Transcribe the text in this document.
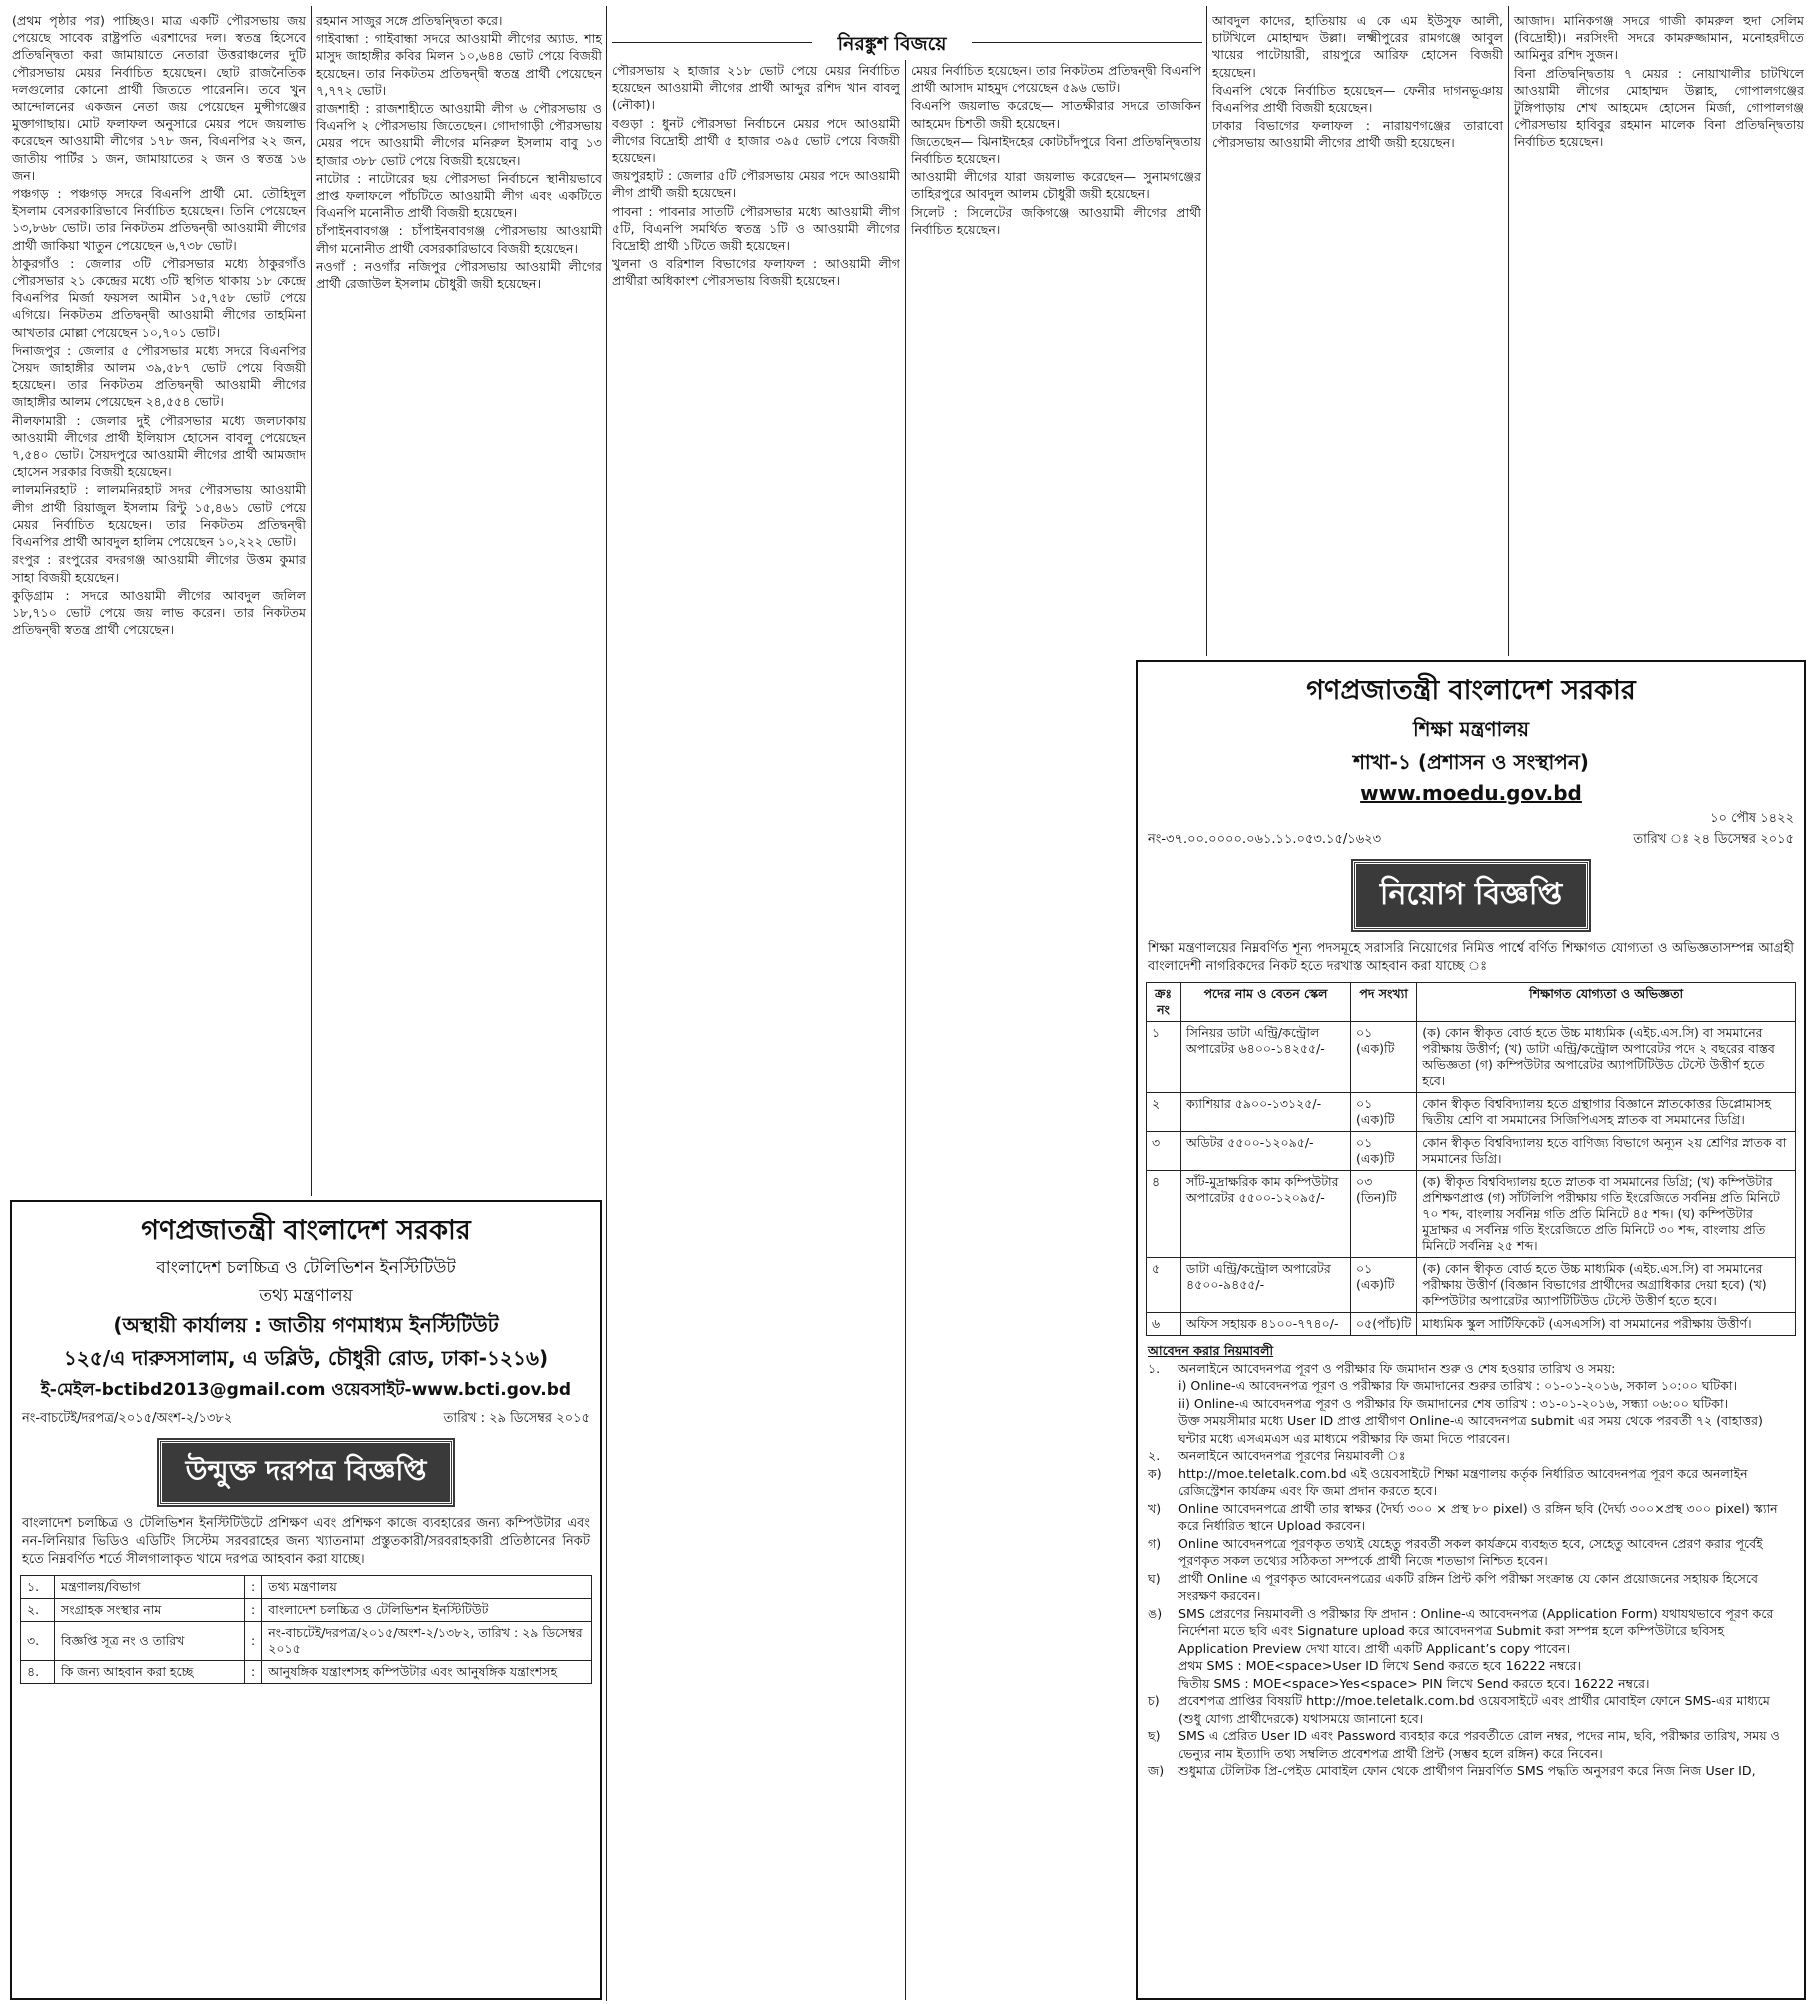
নিরঙ্কুশ বিজয়ে

(প্রথম পৃষ্ঠার পর) পাচ্ছিও। মাত্র একটি পৌরসভায় জয় পেয়েছে সাবেক রাষ্ট্রপতি এরশাদের দল। স্বতন্ত্র হিসেবে প্রতিদ্বন্দ্বিতা করা জামায়াতে নেতারা উত্তরাঞ্চলের দুটি পৌরসভায় মেয়র নির্বাচিত হয়েছেন। ছোট রাজনৈতিক দলগুলোর কোনো প্রার্থী জিততে পারেননি। তবে খুন আন্দোলনের একজন নেতা জয় পেয়েছেন মুন্সীগঞ্জের মুক্তাগাছায়। মোট ফলাফল অনুসারে মেয়র পদে জয়লাভ করেছেন আওয়ামী লীগের ১৭৮ জন, বিএনপির ২২ জন, জাতীয় পার্টির ১ জন, জামায়াতের ২ জন ও স্বতন্ত্র ১৬ জন।

পঞ্চগড় : পঞ্চগড় সদরে বিএনপি প্রার্থী মো. তৌহিদুল ইসলাম বেসরকারিভাবে নির্বাচিত হয়েছেন। তিনি পেয়েছেন ১৩,৮৬৮ ভোট। তার নিকটতম প্রতিদ্বন্দ্বী আওয়ামী লীগের প্রার্থী জাকিয়া খাতুন পেয়েছেন ৬,৭৩৮ ভোট।

ঠাকুরগাঁও : জেলার ৩টি পৌরসভার মধ্যে ঠাকুরগাঁও পৌরসভার ২১ কেন্দ্রের মধ্যে ৩টি স্থগিত থাকায় ১৮ কেন্দ্রে বিএনপির মির্জা ফয়সল আমীন ১৫,৭৫৮ ভোট পেয়ে এগিয়ে। নিকটতম প্রতিদ্বন্দ্বী আওয়ামী লীগের তাহমিনা আখতার মোল্লা পেয়েছেন ১০,৭০১ ভোট।

দিনাজপুর : জেলার ৫ পৌরসভার মধ্যে সদরে বিএনপির সৈয়দ জাহাঙ্গীর আলম ৩৯,৫৮৭ ভোট পেয়ে বিজয়ী হয়েছেন। তার নিকটতম প্রতিদ্বন্দ্বী আওয়ামী লীগের জাহাঙ্গীর আলম পেয়েছেন ২৪,৫৫৪ ভোট।

নীলফামারী : জেলার দুই পৌরসভার মধ্যে জলঢাকায় আওয়ামী লীগের প্রার্থী ইলিয়াস হোসেন বাবলু পেয়েছেন ৭,৫৪০ ভোট। সৈয়দপুরে আওয়ামী লীগের প্রার্থী আমজাদ হোসেন সরকার বিজয়ী হয়েছেন।

লালমনিরহাট : লালমনিরহাট সদর পৌরসভায় আওয়ামী লীগ প্রার্থী রিয়াজুল ইসলাম রিন্টু ১৫,৪৬১ ভোট পেয়ে মেয়র নির্বাচিত হয়েছেন। তার নিকটতম প্রতিদ্বন্দ্বী বিএনপির প্রার্থী আবদুল হালিম পেয়েছেন ১০,২২২ ভোট।

রংপুর : রংপুরের বদরগঞ্জ আওয়ামী লীগের উত্তম কুমার সাহা বিজয়ী হয়েছেন।

কুড়িগ্রাম : সদরে আওয়ামী লীগের আবদুল জলিল ১৮,৭১০ ভোট পেয়ে জয় লাভ করেন। তার নিকটতম প্রতিদ্বন্দ্বী স্বতন্ত্র প্রার্থী পেয়েছেন।

রহমান সাজুর সঙ্গে প্রতিদ্বন্দ্বিতা করে।

গাইবান্ধা : গাইবান্ধা সদরে আওয়ামী লীগের অ্যাড. শাহ মাসুদ জাহাঙ্গীর কবির মিলন ১০,৬৪৪ ভোট পেয়ে বিজয়ী হয়েছেন। তার নিকটতম প্রতিদ্বন্দ্বী স্বতন্ত্র প্রার্থী পেয়েছেন ৭,৭৭২ ভোট।

রাজশাহী : রাজশাহীতে আওয়ামী লীগ ৬ পৌরসভায় ও বিএনপি ২ পৌরসভায় জিতেছেন। গোদাগাড়ী পৌরসভায় মেয়র পদে আওয়ামী লীগের মনিরুল ইসলাম বাবু ১৩ হাজার ৩৮৮ ভোট পেয়ে বিজয়ী হয়েছেন।

নাটোর : নাটোরের ছয় পৌরসভা নির্বাচনে স্থানীয়ভাবে প্রাপ্ত ফলাফলে পাঁচটিতে আওয়ামী লীগ এবং একটিতে বিএনপি মনোনীত প্রার্থী বিজয়ী হয়েছেন।

চাঁপাইনবাবগঞ্জ : চাঁপাইনবাবগঞ্জ পৌরসভায় আওয়ামী লীগ মনোনীত প্রার্থী বেসরকারিভাবে বিজয়ী হয়েছেন।

নওগাঁ : নওগাঁর নজিপুর পৌরসভায় আওয়ামী লীগের প্রার্থী রেজাউল ইসলাম চৌধুরী জয়ী হয়েছেন।

পৌরসভায় ২ হাজার ২১৮ ভোট পেয়ে মেয়র নির্বাচিত হয়েছেন আওয়ামী লীগের প্রার্থী আব্দুর রশিদ খান বাবলু (নৌকা)।

বগুড়া : ধুনট পৌরসভা নির্বাচনে মেয়র পদে আওয়ামী লীগের বিদ্রোহী প্রার্থী ৫ হাজার ৩৯৫ ভোট পেয়ে বিজয়ী হয়েছেন।

জয়পুরহাট : জেলার ৫টি পৌরসভায় মেয়র পদে আওয়ামী লীগ প্রার্থী জয়ী হয়েছেন।

পাবনা : পাবনার সাতটি পৌরসভার মধ্যে আওয়ামী লীগ ৫টি, বিএনপি সমর্থিত স্বতন্ত্র ১টি ও আওয়ামী লীগের বিদ্রোহী প্রার্থী ১টিতে জয়ী হয়েছেন।

খুলনা ও বরিশাল বিভাগের ফলাফল : আওয়ামী লীগ প্রার্থীরা অধিকাংশ পৌরসভায় বিজয়ী হয়েছেন।

মেয়র নির্বাচিত হয়েছেন। তার নিকটতম প্রতিদ্বন্দ্বী বিএনপি প্রার্থী আসাদ মাহমুদ পেয়েছেন ৫৯৬ ভোট।

বিএনপি জয়লাভ করেছে— সাতক্ষীরার সদরে তাজকিন আহমেদ চিশতী জয়ী হয়েছেন।

জিতেছেন— ঝিনাইদহের কোটচাঁদপুরে বিনা প্রতিদ্বন্দ্বিতায় নির্বাচিত হয়েছেন।

আওয়ামী লীগের যারা জয়লাভ করেছেন— সুনামগঞ্জের তাহিরপুরে আবদুল আলম চৌধুরী জয়ী হয়েছেন।

সিলেট : সিলেটের জকিগঞ্জে আওয়ামী লীগের প্রার্থী নির্বাচিত হয়েছেন।

আবদুল কাদের, হাতিয়ায় এ কে এম ইউসুফ আলী, চাটখিলে মোহাম্মদ উল্লা। লক্ষ্মীপুরের রামগঞ্জে আবুল খায়ের পাটোয়ারী, রায়পুরে আরিফ হোসেন বিজয়ী হয়েছেন।

বিএনপি থেকে নির্বাচিত হয়েছেন— ফেনীর দাগনভূঞায় বিএনপির প্রার্থী বিজয়ী হয়েছেন।

ঢাকার বিভাগের ফলাফল : নারায়ণগঞ্জের তারাবো পৌরসভায় আওয়ামী লীগের প্রার্থী জয়ী হয়েছেন।

আজাদ। মানিকগঞ্জ সদরে গাজী কামরুল হুদা সেলিম (বিদ্রোহী)। নরসিংদী সদরে কামরুজ্জামান, মনোহরদীতে আমিনুর রশিদ সুজন।

বিনা প্রতিদ্বন্দ্বিতায় ৭ মেয়র : নোয়াখালীর চাটখিলে আওয়ামী লীগের মোহাম্মদ উল্লাহ, গোপালগঞ্জের টুঙ্গিপাড়ায় শেখ আহমেদ হোসেন মির্জা, গোপালগঞ্জ পৌরসভায় হাবিবুর রহমান মালেক বিনা প্রতিদ্বন্দ্বিতায় নির্বাচিত হয়েছেন।

গণপ্রজাতন্ত্রী বাংলাদেশ সরকার
শিক্ষা মন্ত্রণালয়
শাখা-১ (প্রশাসন ও সংস্থাপন)
www.moedu.gov.bd
১০ পৌষ ১৪২২
নং-৩৭.০০.০০০০.০৬১.১১.০৫৩.১৫/১৬২৩	তারিখ ঃ ২৪ ডিসেম্বর ২০১৫
নিয়োগ বিজ্ঞপ্তি
শিক্ষা মন্ত্রণালয়ের নিম্নবর্ণিত শূন্য পদসমূহে সরাসরি নিয়োগের নিমিত্ত পার্শ্বে বর্ণিত শিক্ষাগত যোগ্যতা ও অভিজ্ঞতাসম্পন্ন আগ্রহী বাংলাদেশী নাগরিকদের নিকট হতে দরখাস্ত আহবান করা যাচ্ছে ঃ
ক্রঃ নং	পদের নাম ও বেতন স্কেল	পদ সংখ্যা	শিক্ষাগত যোগ্যতা ও অভিজ্ঞতা
১	সিনিয়র ডাটা এন্ট্রি/কন্ট্রোল অপারেটর ৬৪০০-১৪২৫৫/-	০১ (এক)টি	(ক) কোন স্বীকৃত বোর্ড হতে উচ্চ মাধ্যমিক (এইচ.এস.সি) বা সমমানের পরীক্ষায় উত্তীর্ণ; (খ) ডাটা এন্ট্রি/কন্ট্রোল অপারেটর পদে ২ বছরের বাস্তব অভিজ্ঞতা (গ) কম্পিউটার অপারেটর অ্যাপটিটিউড টেস্টে উত্তীর্ণ হতে হবে।
২	ক্যাশিয়ার ৫৯০০-১৩১২৫/-	০১ (এক)টি	কোন স্বীকৃত বিশ্ববিদ্যালয় হতে গ্রন্থাগার বিজ্ঞানে স্নাতকোত্তর ডিপ্লোমাসহ দ্বিতীয় শ্রেণি বা সমমানের সিজিপিএসহ স্নাতক বা সমমানের ডিগ্রি।
৩	অডিটর ৫৫০০-১২০৯৫/-	০১ (এক)টি	কোন স্বীকৃত বিশ্ববিদ্যালয় হতে বাণিজ্য বিভাগে অন্যূন ২য় শ্রেণির স্নাতক বা সমমানের ডিগ্রি।
৪	সাঁট-মুদ্রাক্ষরিক কাম কম্পিউটার অপারেটর ৫৫০০-১২০৯৫/-	০৩ (তিন)টি	(ক) স্বীকৃত বিশ্ববিদ্যালয় হতে স্নাতক বা সমমানের ডিগ্রি; (খ) কম্পিউটার প্রশিক্ষণপ্রাপ্ত (গ) সাঁটলিপি পরীক্ষায় গতি ইংরেজিতে সর্বনিম্ন প্রতি মিনিটে ৭০ শব্দ, বাংলায় সর্বনিম্ন গতি প্রতি মিনিটে ৪৫ শব্দ। (ঘ) কম্পিউটার মুদ্রাক্ষর এ সর্বনিম্ন গতি ইংরেজিতে প্রতি মিনিটে ৩০ শব্দ, বাংলায় প্রতি মিনিটে সর্বনিম্ন ২৫ শব্দ।
৫	ডাটা এন্ট্রি/কন্ট্রোল অপারেটর ৪৫০০-৯৪৫৫/-	০১ (এক)টি	(ক) কোন স্বীকৃত বোর্ড হতে উচ্চ মাধ্যমিক (এইচ.এস.সি) বা সমমানের পরীক্ষায় উত্তীর্ণ (বিজ্ঞান বিভাগের প্রার্থীদের অগ্রাধিকার দেয়া হবে) (খ) কম্পিউটার অপারেটর অ্যাপটিটিউড টেস্টে উত্তীর্ণ হতে হবে।
৬	অফিস সহায়ক ৪১০০-৭৭৪০/-	০৫(পাঁচ)টি	মাধ্যমিক স্কুল সার্টিফিকেট (এসএসসি) বা সমমানের পরীক্ষায় উত্তীর্ণ।
আবেদন করার নিয়মাবলী
১.	অনলাইনে আবেদনপত্র পূরণ ও পরীক্ষার ফি জমাদান শুরু ও শেষ হওয়ার তারিখ ও সময়:
i) Online-এ আবেদনপত্র পূরণ ও পরীক্ষার ফি জমাদানের শুরুর তারিখ : ০১-০১-২০১৬, সকাল ১০:০০ ঘটিকা।
ii) Online-এ আবেদনপত্র পূরণ ও পরীক্ষার ফি জমাদানের শেষ তারিখ : ৩১-০১-২০১৬, সন্ধ্যা ০৬:০০ ঘটিকা।
উক্ত সময়সীমার মধ্যে User ID প্রাপ্ত প্রার্থীগণ Online-এ আবেদনপত্র submit এর সময় থেকে পরবর্তী ৭২ (বাহাত্তর) ঘন্টার মধ্যে এসএমএস এর মাধ্যমে পরীক্ষার ফি জমা দিতে পারবেন।
২.	অনলাইনে আবেদনপত্র পূরণের নিয়মাবলী ঃ
ক)	http://moe.teletalk.com.bd এই ওয়েবসাইটে শিক্ষা মন্ত্রণালয় কর্তৃক নির্ধারিত আবেদনপত্র পূরণ করে অনলাইন রেজিস্ট্রেশন কার্যক্রম এবং ফি জমা প্রদান করতে হবে।
খ)	Online আবেদনপত্রে প্রার্থী তার স্বাক্ষর (দৈর্ঘ্য ৩০০ × প্রস্থ ৮০ pixel) ও রঙ্গিন ছবি (দৈর্ঘ্য ৩০০×প্রস্থ ৩০০ pixel) স্ক্যান করে নির্ধারিত স্থানে Upload করবেন।
গ)	Online আবেদনপত্রে পূরণকৃত তথ্যই যেহেতু পরবর্তী সকল কার্যক্রমে ব্যবহৃত হবে, সেহেতু আবেদন প্রেরণ করার পূর্বেই পূরণকৃত সকল তথ্যের সঠিকতা সম্পর্কে প্রার্থী নিজে শতভাগ নিশ্চিত হবেন।
ঘ)	প্রার্থী Online এ পূরণকৃত আবেদনপত্রের একটি রঙ্গিন প্রিন্ট কপি পরীক্ষা সংক্রান্ত যে কোন প্রয়োজনের সহায়ক হিসেবে সংরক্ষণ করবেন।
ঙ)	SMS প্রেরণের নিয়মাবলী ও পরীক্ষার ফি প্রদান : Online-এ আবেদনপত্র (Application Form) যথাযথভাবে পূরণ করে নির্দেশনা মতে ছবি এবং Signature upload করে আবেদনপত্র Submit করা সম্পন্ন হলে কম্পিউটারে ছবিসহ Application Preview দেখা যাবে। প্রার্থী একটি Applicant’s copy পাবেন।
প্রথম SMS : MOE<space>User ID লিখে Send করতে হবে 16222 নম্বরে।
দ্বিতীয় SMS : MOE<space>Yes<space> PIN লিখে Send করতে হবে। 16222 নম্বরে।
চ)	প্রবেশপত্র প্রাপ্তির বিষয়টি http://moe.teletalk.com.bd ওয়েবসাইটে এবং প্রার্থীর মোবাইল ফোনে SMS-এর মাধ্যমে (শুধু যোগ্য প্রার্থীদেরকে) যথাসময়ে জানানো হবে।
ছ)	SMS এ প্রেরিত User ID এবং Password ব্যবহার করে পরবর্তীতে রোল নম্বর, পদের নাম, ছবি, পরীক্ষার তারিখ, সময় ও ভেন্যুর নাম ইত্যাদি তথ্য সম্বলিত প্রবেশপত্র প্রার্থী প্রিন্ট (সম্ভব হলে রঙ্গিন) করে নিবেন।
জ)	শুধুমাত্র টেলিটক প্রি-পেইড মোবাইল ফোন থেকে প্রার্থীগণ নিম্নবর্ণিত SMS পদ্ধতি অনুসরণ করে নিজ নিজ User ID,
গণপ্রজাতন্ত্রী বাংলাদেশ সরকার
বাংলাদেশ চলচ্চিত্র ও টেলিভিশন ইনস্টিটিউট
তথ্য মন্ত্রণালয়
(অস্থায়ী কার্যালয় : জাতীয় গণমাধ্যম ইনস্টিটিউট
১২৫/এ দারুসসালাম, এ ডব্লিউ, চৌধুরী রোড, ঢাকা-১২১৬)
ই-মেইল-bctibd2013@gmail.com ওয়েবসাইট-www.bcti.gov.bd
নং-বাচটেই/দরপত্র/২০১৫/অংশ-২/১৩৮২	তারিখ : ২৯ ডিসেম্বর ২০১৫
উন্মুক্ত দরপত্র বিজ্ঞপ্তি
বাংলাদেশ চলচ্চিত্র ও টেলিভিশন ইনস্টিটিউটে প্রশিক্ষণ এবং প্রশিক্ষণ কাজে ব্যবহারের জন্য কম্পিউটার এবং নন-লিনিয়ার ভিডিও এডিটিং সিস্টেম সরবরাহের জন্য খ্যাতনামা প্রস্তুতকারী/সরবরাহকারী প্রতিষ্ঠানের নিকট হতে নিম্নবর্ণিত শর্তে সীলগালাকৃত খামে দরপত্র আহবান করা যাচ্ছে।
১.	মন্ত্রণালয়/বিভাগ	:	তথ্য মন্ত্রণালয়
২.	সংগ্রাহক সংস্থার নাম	:	বাংলাদেশ চলচ্চিত্র ও টেলিভিশন ইনস্টিটিউট
৩.	বিজ্ঞপ্তি সূত্র নং ও তারিখ	:	নং-বাচটেই/দরপত্র/২০১৫/অংশ-২/১৩৮২, তারিখ : ২৯ ডিসেম্বর ২০১৫
৪.	কি জন্য আহবান করা হচ্ছে	:	আনুষঙ্গিক যন্ত্রাংশসহ কম্পিউটার এবং আনুষঙ্গিক যন্ত্রাংশসহ
